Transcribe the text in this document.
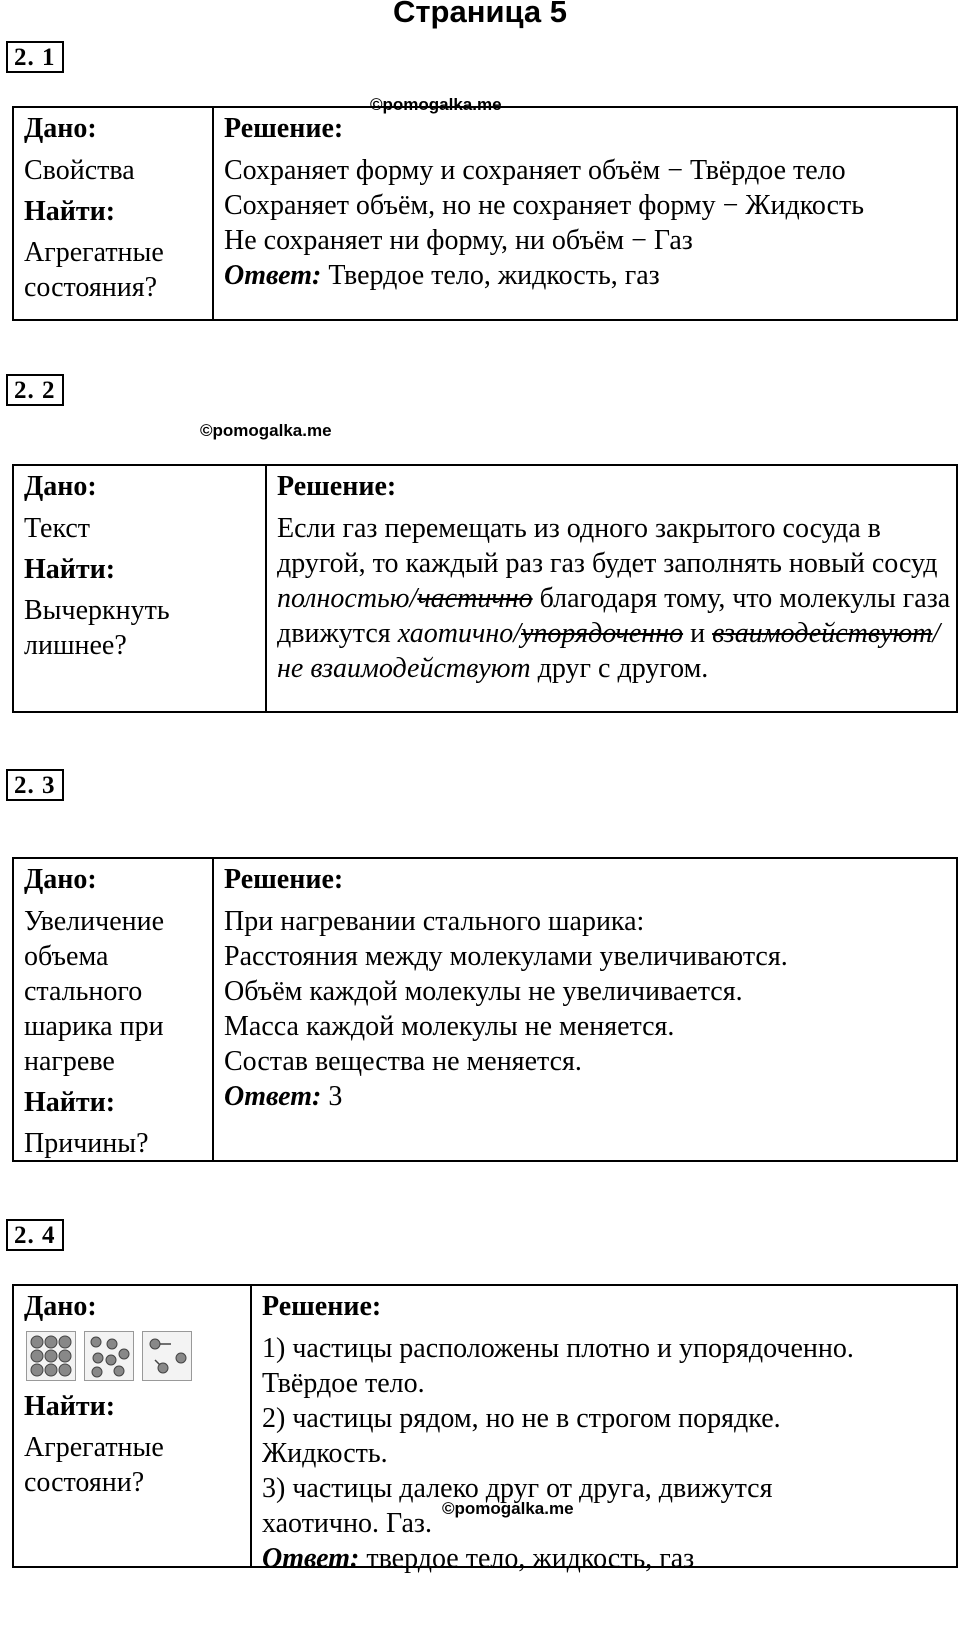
Страница 5
2. 1
©pomogalka.me
Дано:
Свойства
Найти:
Агрегатные
состояния?
Решение:
Сохраняет форму и сохраняет объём − Твёрдое тело
Сохраняет объём, но не сохраняет форму − Жидкость
Не сохраняет ни форму, ни объём − Газ
Ответ: Твердое тело, жидкость, газ
2. 2
©pomogalka.me
Дано:
Текст
Найти:
Вычеркнуть
лишнее?
Решение:
Если газ перемещать из одного закрытого сосуда в другой, то каждый раз газ будет заполнять новый сосуд полностью/частично благодаря тому, что молекулы газа движутся хаотично/упорядоченно и взаимодействуют/не взаимодействуют друг с другом.
2. 3
Дано:
Увеличение
объема
стального
шарика при
нагреве
Найти:
Причины?
Решение:
При нагревании стального шарика:
Расстояния между молекулами увеличиваются.
Объём каждой молекулы не увеличивается.
Масса каждой молекулы не меняется.
Состав вещества не меняется.
Ответ: 3
2. 4
Дано:
Найти:
Агрегатные
состояни?
Решение:
1) частицы расположены плотно и упорядоченно.
Твёрдое тело.
2) частицы рядом, но не в строгом порядке.
Жидкость.
3) частицы далеко друг от друга, движутся
хаотично. Газ.
Ответ: твердое тело, жидкость, газ
©pomogalka.me
